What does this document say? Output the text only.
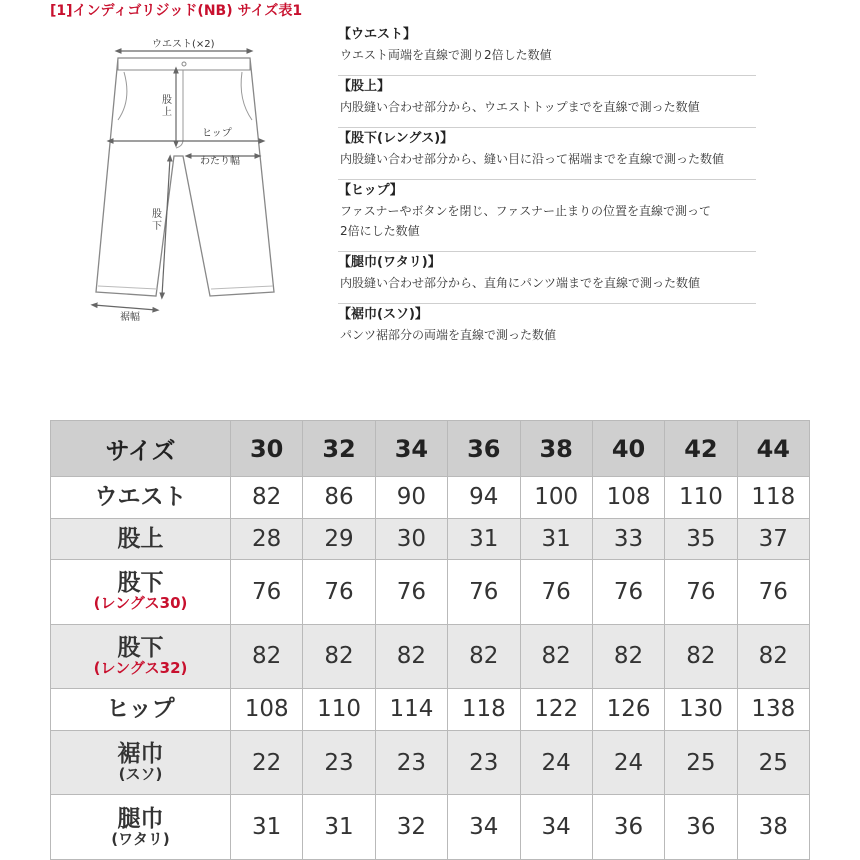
[1]インディゴリジッド(NB) サイズ表1
ウエスト(×2)
股
上
ヒップ
わたり幅
股
下
裾幅
【ウエスト】
ウエスト両端を直線で測り2倍した数値
【股上】
内股縫い合わせ部分から、ウエストトップまでを直線で測った数値
【股下(レングス)】
内股縫い合わせ部分から、縫い目に沿って裾端までを直線で測った数値
【ヒップ】
ファスナーやボタンを閉じ、ファスナー止まりの位置を直線で測って
2倍にした数値
【腿巾(ワタリ)】
内股縫い合わせ部分から、直角にパンツ端までを直線で測った数値
【裾巾(スソ)】
パンツ裾部分の両端を直線で測った数値
サイズ	30	32	34	36	38	40	42	44
ウエスト	82	86	90	94	100	108	110	118
股上	28	29	30	31	31	33	35	37
股下
(レングス30)	76	76	76	76	76	76	76	76
股下
(レングス32)	82	82	82	82	82	82	82	82
ヒップ	108	110	114	118	122	126	130	138
裾巾
(スソ)	22	23	23	23	24	24	25	25
腿巾
(ワタリ)	31	31	32	34	34	36	36	38
